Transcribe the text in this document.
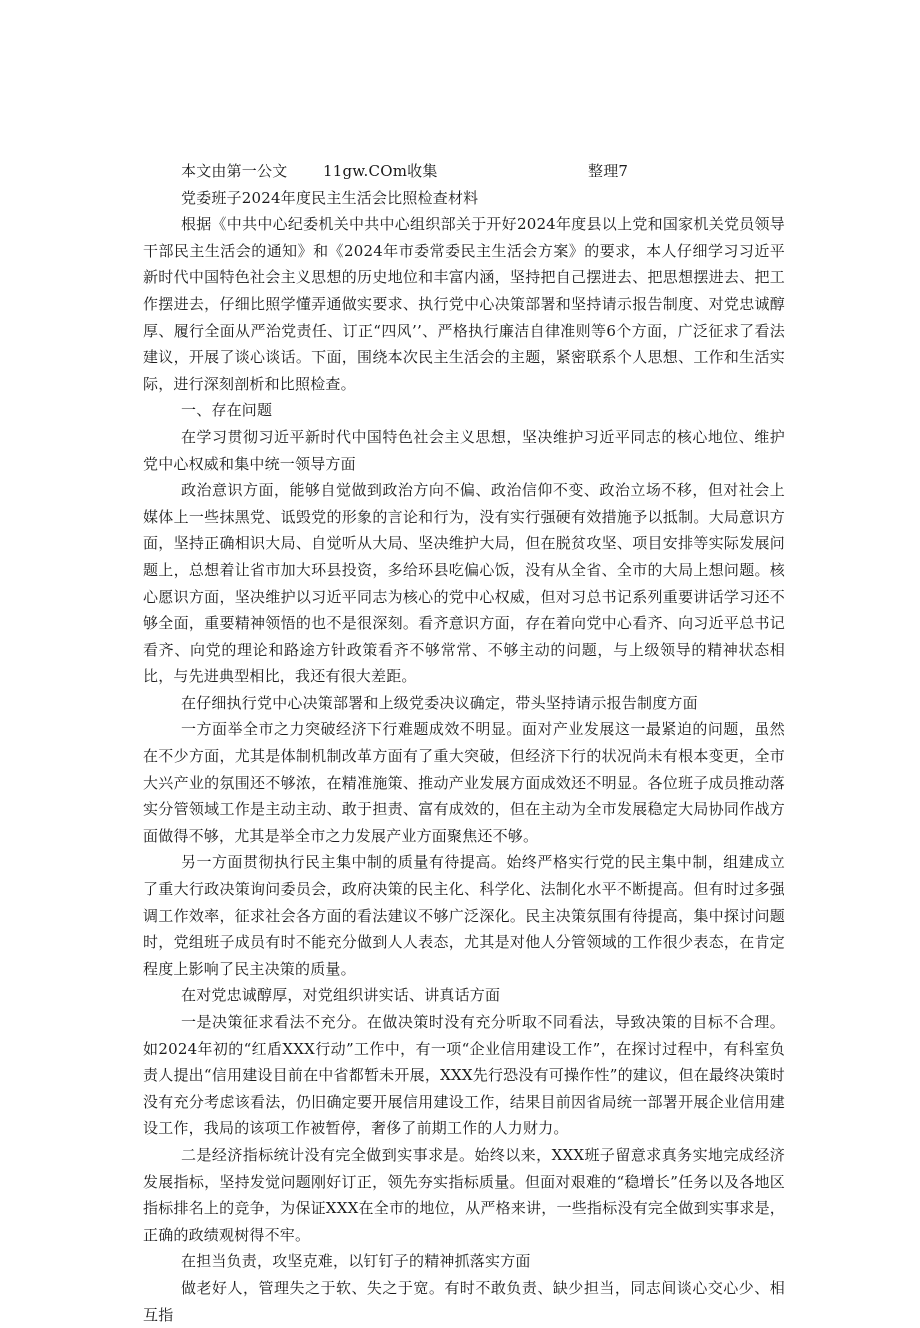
本文由第一公文 11gw.COm收集	整理7

党委班子2024年度民主生活会比照检查材料

根据《中共中心纪委机关中共中心组织部关于开好2024年度县以上党和国家机关党员领导干部民主生活会的通知》和《2024年市委常委民主生活会方案》的要求，本人仔细学习习近平新时代中国特色社会主义思想的历史地位和丰富内涵，坚持把自己摆进去、把思想摆进去、把工作摆进去，仔细比照学懂弄通做实要求、执行党中心决策部署和坚持请示报告制度、对党忠诚醇厚、履行全面从严治党责任、订正“四风’’、严格执行廉洁自律准则等6个方面，广泛征求了看法建议，开展了谈心谈话。下面，围绕本次民主生活会的主题，紧密联系个人思想、工作和生活实际，进行深刻剖析和比照检查。

一、存在问题

在学习贯彻习近平新时代中国特色社会主义思想，坚决维护习近平同志的核心地位、维护党中心权威和集中统一领导方面

政治意识方面，能够自觉做到政治方向不偏、政治信仰不变、政治立场不移，但对社会上媒体上一些抹黑党、诋毁党的形象的言论和行为，没有实行强硬有效措施予以抵制。大局意识方面，坚持正确相识大局、自觉听从大局、坚决维护大局，但在脱贫攻坚、项目安排等实际发展问题上，总想着让省市加大环县投资，多给环县吃偏心饭，没有从全省、全市的大局上想问题。核心愿识方面，坚决维护以习近平同志为核心的党中心权威，但对习总书记系列重要讲话学习还不够全面，重要精神领悟的也不是很深刻。看齐意识方面，存在着向党中心看齐、向习近平总书记看齐、向党的理论和路途方针政策看齐不够常常、不够主动的问题，与上级领导的精神状态相比，与先进典型相比，我还有很大差距。

在仔细执行党中心决策部署和上级党委决议确定，带头坚持请示报告制度方面

一方面举全市之力突破经济下行难题成效不明显。面对产业发展这一最紧迫的问题，虽然在不少方面，尤其是体制机制改革方面有了重大突破，但经济下行的状况尚未有根本变更，全市大兴产业的氛围还不够浓，在精准施策、推动产业发展方面成效还不明显。各位班子成员推动落实分管领域工作是主动主动、敢于担责、富有成效的，但在主动为全市发展稳定大局协同作战方面做得不够，尤其是举全市之力发展产业方面聚焦还不够。

另一方面贯彻执行民主集中制的质量有待提高。始终严格实行党的民主集中制，组建成立了重大行政决策询问委员会，政府决策的民主化、科学化、法制化水平不断提高。但有时过多强调工作效率，征求社会各方面的看法建议不够广泛深化。民主决策氛围有待提高，集中探讨问题时，党组班子成员有时不能充分做到人人表态，尤其是对他人分管领域的工作很少表态，在肯定程度上影响了民主决策的质量。

在对党忠诚醇厚，对党组织讲实话、讲真话方面

一是决策征求看法不充分。在做决策时没有充分听取不同看法，导致决策的目标不合理。如2024年初的“红盾XXX行动”工作中，有一项“企业信用建设工作”，在探讨过程中，有科室负责人提出“信用建设目前在中省都暂未开展，XXX先行恐没有可操作性”的建议，但在最终决策时没有充分考虑该看法，仍旧确定要开展信用建设工作，结果目前因省局统一部署开展企业信用建设工作，我局的该项工作被暂停，奢侈了前期工作的人力财力。

二是经济指标统计没有完全做到实事求是。始终以来，XXX班子留意求真务实地完成经济发展指标，坚持发觉问题刚好订正，领先夯实指标质量。但面对艰难的“稳增长”任务以及各地区指标排名上的竞争，为保证XXX在全市的地位，从严格来讲，一些指标没有完全做到实事求是，正确的政绩观树得不牢。

在担当负责，攻坚克难，以钉钉子的精神抓落实方面

做老好人，管理失之于软、失之于宽。有时不敢负责、缺少担当，同志间谈心交心少、相互指
